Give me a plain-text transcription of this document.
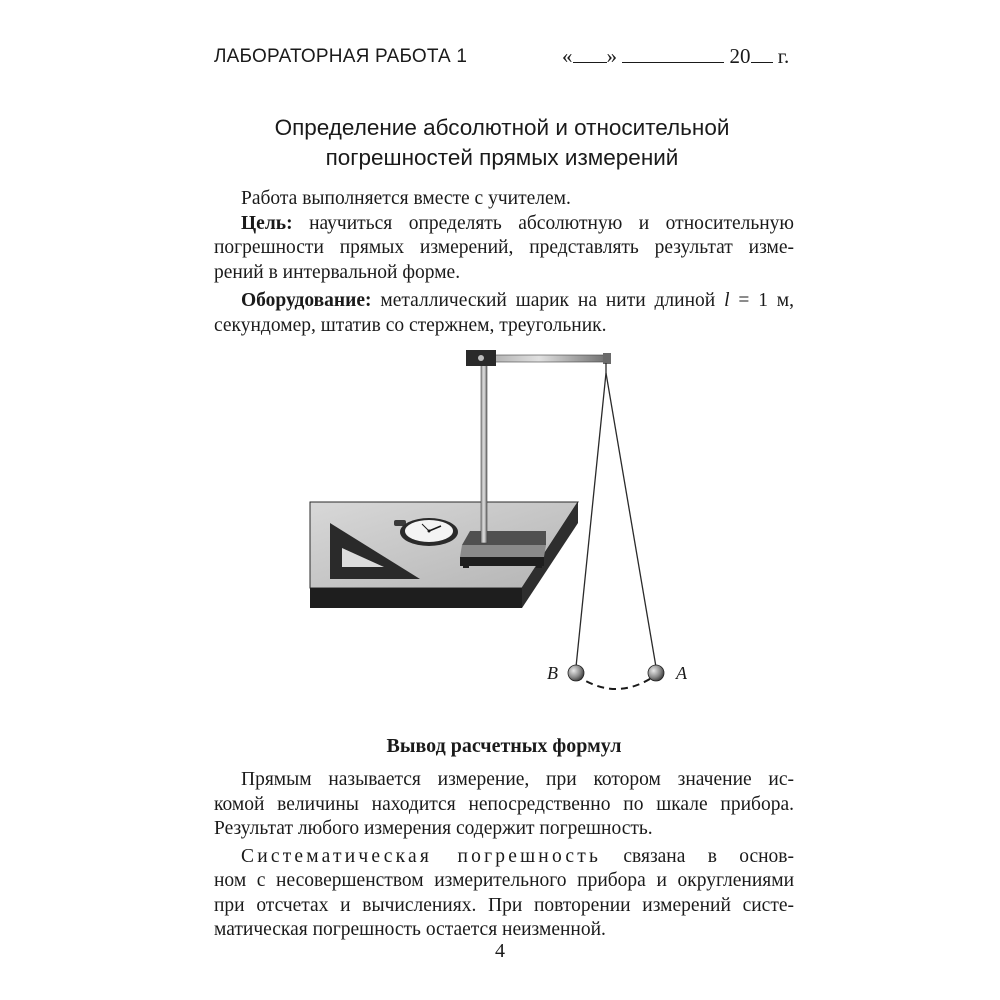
ЛАБОРАТОРНАЯ РАБОТА 1	« »	20 г.
Определение абсолютной и относительной
погрешностей прямых измерений

Работа выполняется вместе с учителем.

Цель: научиться определять абсолютную и относительную

погрешности прямых измерений, представлять результат изме-

рений в интервальной форме.

Оборудование: металлический шарик на нити длиной l = 1 м,

секундомер, штатив со стержнем, треугольник.

B	A
Вывод расчетных формул

Прямым называется измерение, при котором значение ис-

комой величины находится непосредственно по шкале прибора.

Результат любого измерения содержит погрешность.

Систематическая погрешность связана в основ-

ном с несовершенством измерительного прибора и округлениями

при отсчетах и вычислениях. При повторении измерений систе-

матическая погрешность остается неизменной.

4
